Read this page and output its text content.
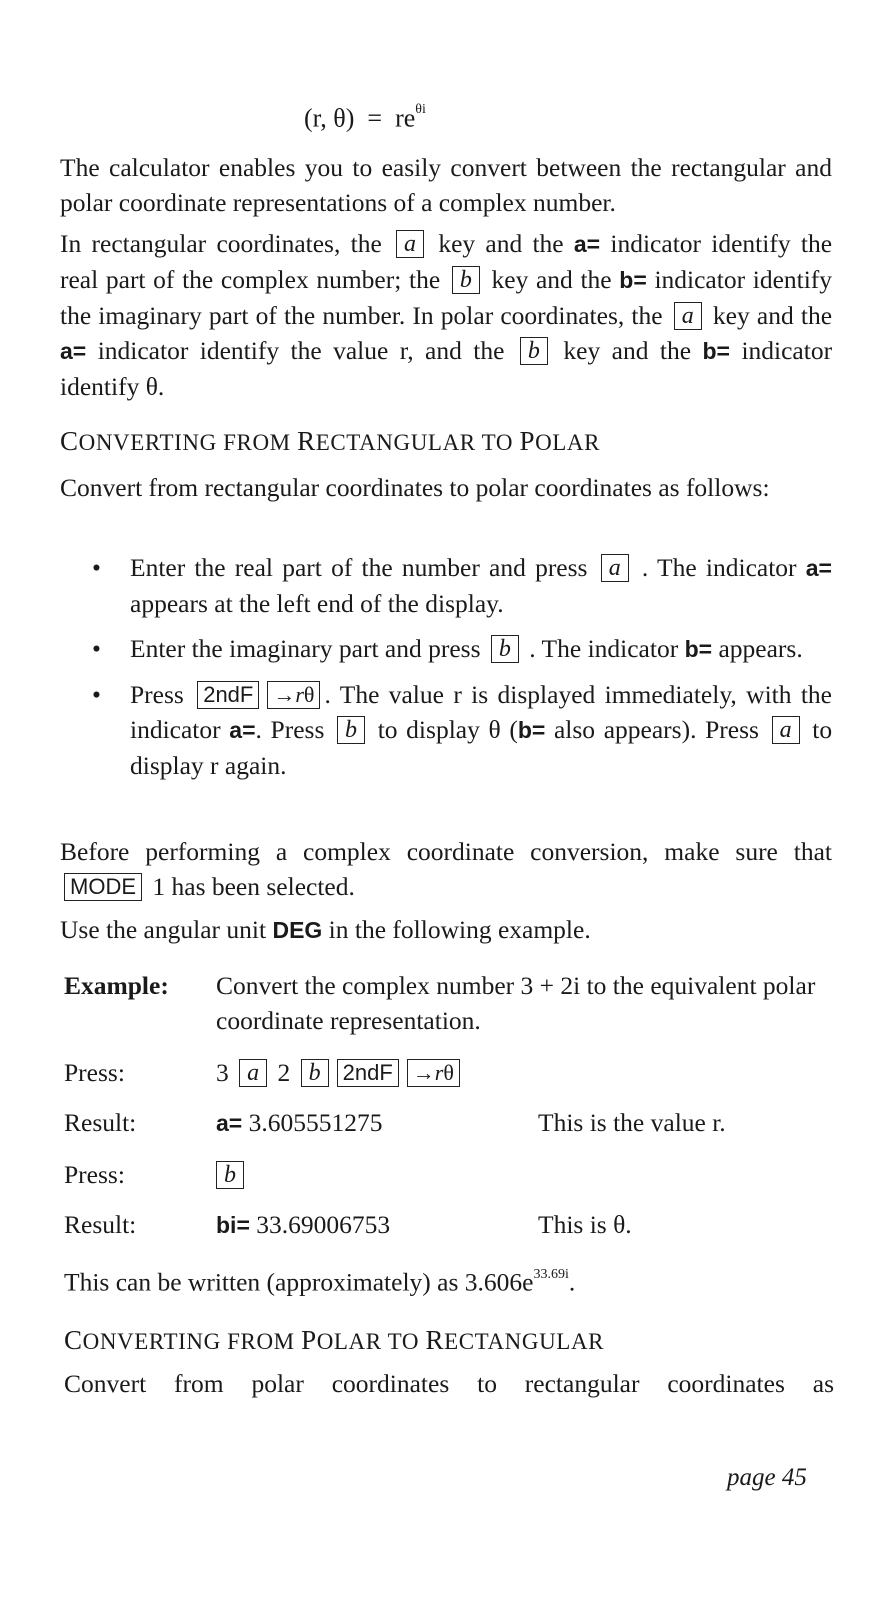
(r, $\theta) = re^{\theta i}$
The calculator enables you to easily convert between the rectangular and polar coordinate representations of a complex number.
In rectangular coordinates, the a key and the a= indicator identify the real part of the complex number; the b key and the b= indicator identify the imaginary part of the number. In polar coordinates, the a key and the a= indicator identify the value r, and the b key and the b= indicator identify θ.
CONVERTING FROM RECTANGULAR TO POLAR
Convert from rectangular coordinates to polar coordinates as follows:
• Enter the real part of the number and press a . The indicator a= appears at the left end of the display.
• Enter the imaginary part and press b . The indicator b= appears.
• Press 2ndF →rθ . The value r is displayed immediately, with the indicator a=. Press b to display θ (b= also appears). Press a to display r again.
Before performing a complex coordinate conversion, make sure that MODE 1 has been selected.
Use the angular unit DEG in the following example.
Example: Convert the complex number 3 + 2i to the equivalent polar coordinate representation.
Press:	3 a 2 b 2ndF →rθ
Result:	a= 3.605551275	This is the value r.
Press:	b
Result:	bi= 33.69006753	This is θ.
This can be written (approximately) as $3.606e^{33.69i}$.
CONVERTING FROM POLAR TO RECTANGULAR
Convert from polar coordinates to rectangular coordinates as
page 45
